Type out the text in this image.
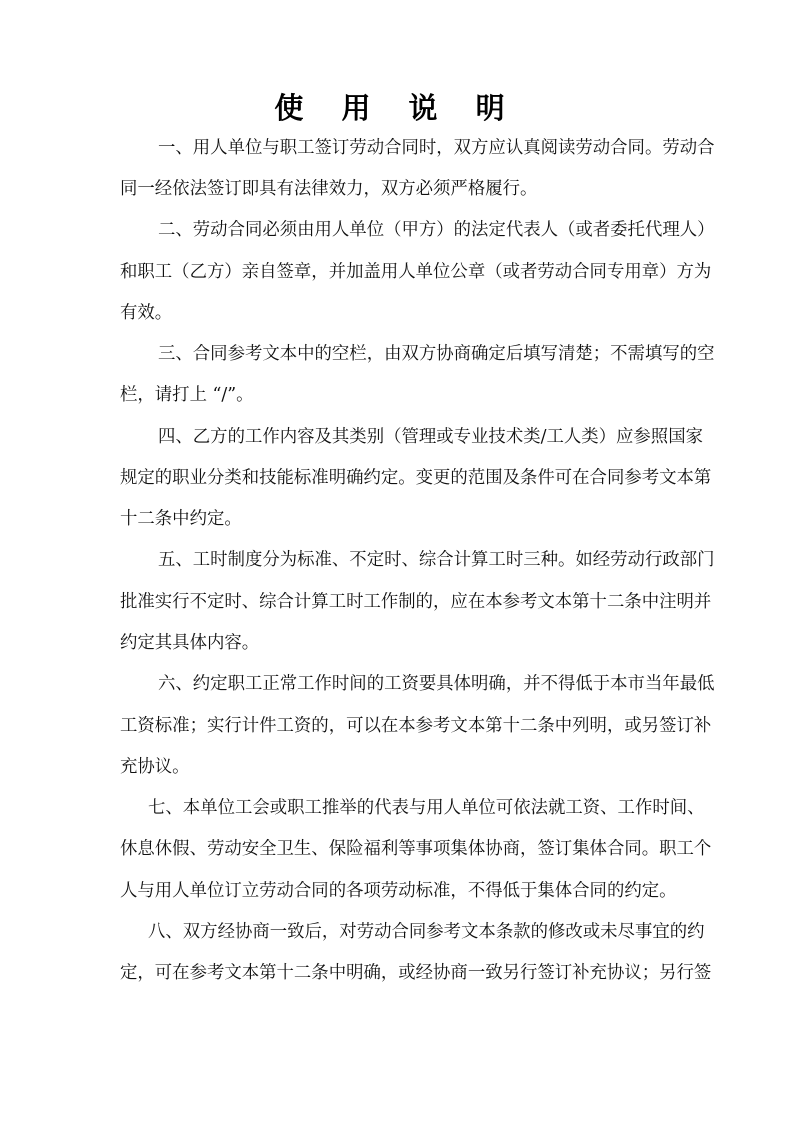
使 用 说 明
一、用人单位与职工签订劳动合同时，双方应认真阅读劳动合同。劳动合
同一经依法签订即具有法律效力，双方必须严格履行。
二、劳动合同必须由用人单位（甲方）的法定代表人（或者委托代理人）
和职工（乙方）亲自签章，并加盖用人单位公章（或者劳动合同专用章）方为
有效。
三、合同参考文本中的空栏，由双方协商确定后填写清楚；不需填写的空
栏，请打上 “/”。
四、乙方的工作内容及其类别（管理或专业技术类/工人类）应参照国家
规定的职业分类和技能标准明确约定。变更的范围及条件可在合同参考文本第
十二条中约定。
五、工时制度分为标准、不定时、综合计算工时三种。如经劳动行政部门
批准实行不定时、综合计算工时工作制的，应在本参考文本第十二条中注明并
约定其具体内容。
六、约定职工正常工作时间的工资要具体明确，并不得低于本市当年最低
工资标准；实行计件工资的，可以在本参考文本第十二条中列明，或另签订补
充协议。
七、本单位工会或职工推举的代表与用人单位可依法就工资、工作时间、
休息休假、劳动安全卫生、保险福利等事项集体协商，签订集体合同。职工个
人与用人单位订立劳动合同的各项劳动标准，不得低于集体合同的约定。
八、双方经协商一致后，对劳动合同参考文本条款的修改或未尽事宜的约
定，可在参考文本第十二条中明确，或经协商一致另行签订补充协议；另行签
